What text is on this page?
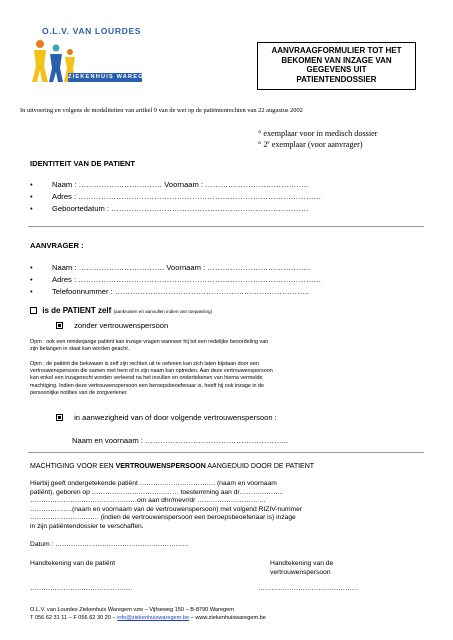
O.L.V. VAN LOURDES
ZIEKENHUIS WAREGEM
AANVRAAGFORMULIER TOT HET
BEKOMEN VAN INZAGE VAN
GEGEVENS UIT
PATIENTENDOSSIER
In uitvoering en volgens de modaliteiten van artikel 9 van de wet op de patiëntenrechten van 22 augustus 2002
° exemplaar voor in medisch dossier
° 2e exemplaar (voor aanvrager)
IDENTITEIT VAN DE PATIENT
•	Naam : …………………………… Voornaam : …………………………………..
•	Adres : ……………………………………………………………………………………
•	Geboortedatum : ……………………………………………………………………
AANVRAGER :
•	Naam : ……………………………. Voornaam : …………………………………..
•	Adres : ……………………………………………………………………………………
•	Telefoonnummer : …………………………………………………………………..
is de PATIENT zelf (aankruisen en aanvullen indien van toepassing)
zonder vertrouwenspersoon
Opm : ook een minderjarige patiënt kan inzage vragen wanneer hij tot een redelijke beoordeling van
zijn belangen in staat kan worden geacht.
Opm : de patiënt die bekwaam is zelf zijn rechten uit te oefenen kan zich laten bijstaan door een
vertrouwenspersoon die samen met hem of in zijn naam kan optreden. Aan deze vertrouwenspersoon
kan enkel een inzagerecht worden verleend na het invullen en ondertekenen van hiema vermelde
machtiging. Indien deze vertrouwenspersoon een beroepsbeoefenaar is, heeft hij ook inzage in de
persoonlijke notities van de zorgverlener.
in aanwezigheid van of door volgende vertrouwenspersoon :
Naam en voornaam : ………………………………………………...
MACHTIGING VOOR EEN VERTROUWENSPERSOON AANGEDUID DOOR DE PATIENT
Hierbij geeft ondergetekende patiënt ……………………………. (naam en voornaam
patiënt), geboren op ………………………………… toestemming aan dr………………..
…………………………………………om aan dhr/mevr/dr ……………………… …
……………….(naam en voornaam van de vertrouwenspersoon) met volgend RIZIV-nummer
…………………………. (indien de vertrouwenspersoon een beroepsbeoefenaar is) inzage
in zijn patiëntendossier te verschaffen.
Datum : ……………………………………………………
Handtekening van de patiënt	Handtekening van de
vertrouwenspersoon
……………………………………….	………………………………………
O.L.V. van Lourdes Ziekenhuis Waregem vzw – Vijfseweg 150 – B-8790 Waregem
T 056 62 31 11 – F 056 62 30 20 – info@ziekenhuiswaregem.be – www.ziekenhuiswaregem.be
